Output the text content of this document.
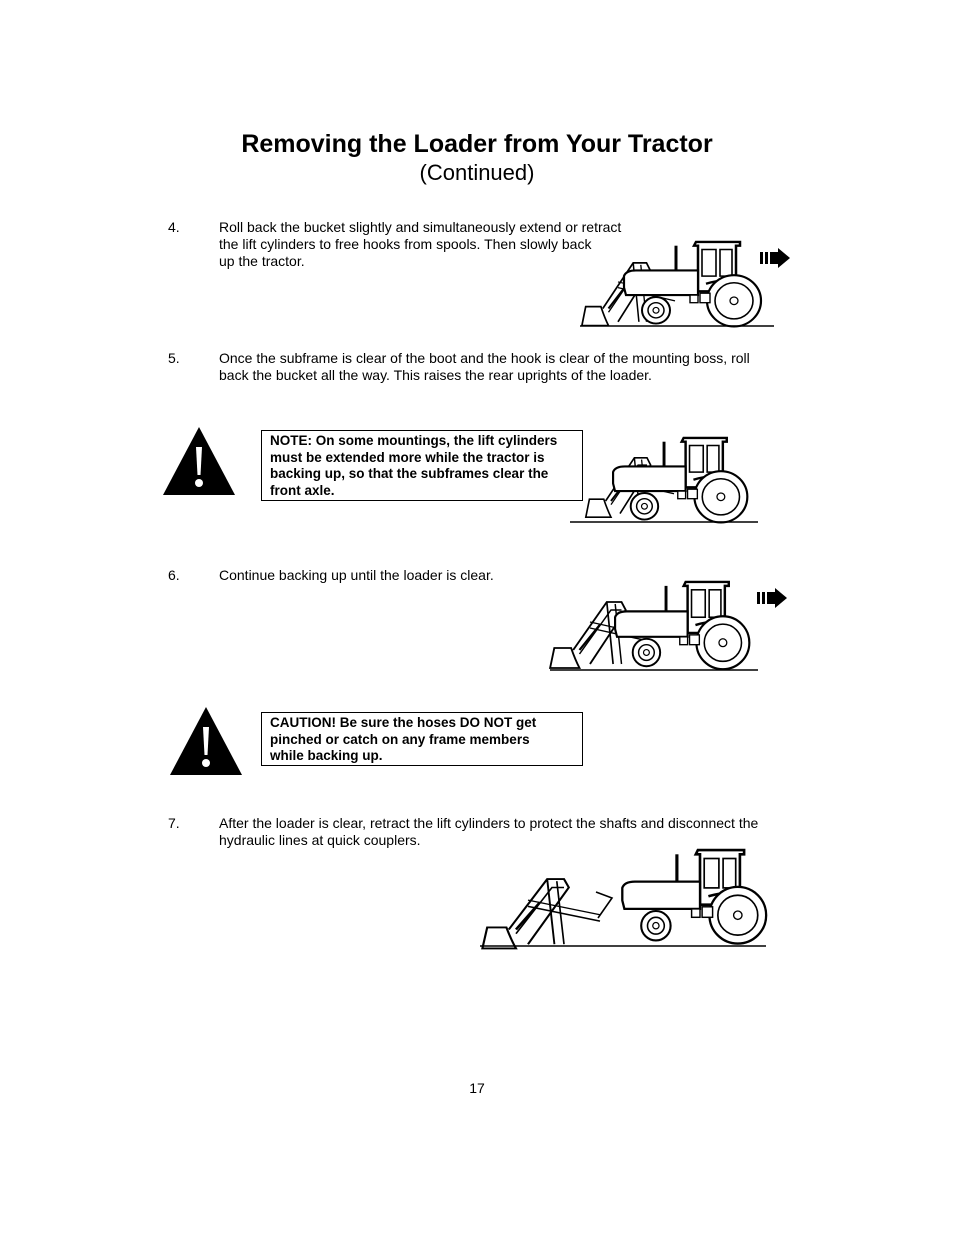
Removing the Loader from Your Tractor
(Continued)
4.	Roll back the bucket slightly and simultaneously extend or retract
the lift cylinders to free hooks from spools. Then slowly back
up the tractor.
5.	Once the subframe is clear of the boot and the hook is clear of the mounting boss, roll
back the bucket all the way. This raises the rear uprights of the loader.
NOTE: On some mountings, the lift cylinders
must be extended more while the tractor is
backing up, so that the subframes clear the
front axle.
6.	Continue backing up until the loader is clear.
CAUTION! Be sure the hoses DO NOT get
pinched or catch on any frame members
while backing up.
7.	After the loader is clear, retract the lift cylinders to protect the shafts and disconnect the
hydraulic lines at quick couplers.
17
